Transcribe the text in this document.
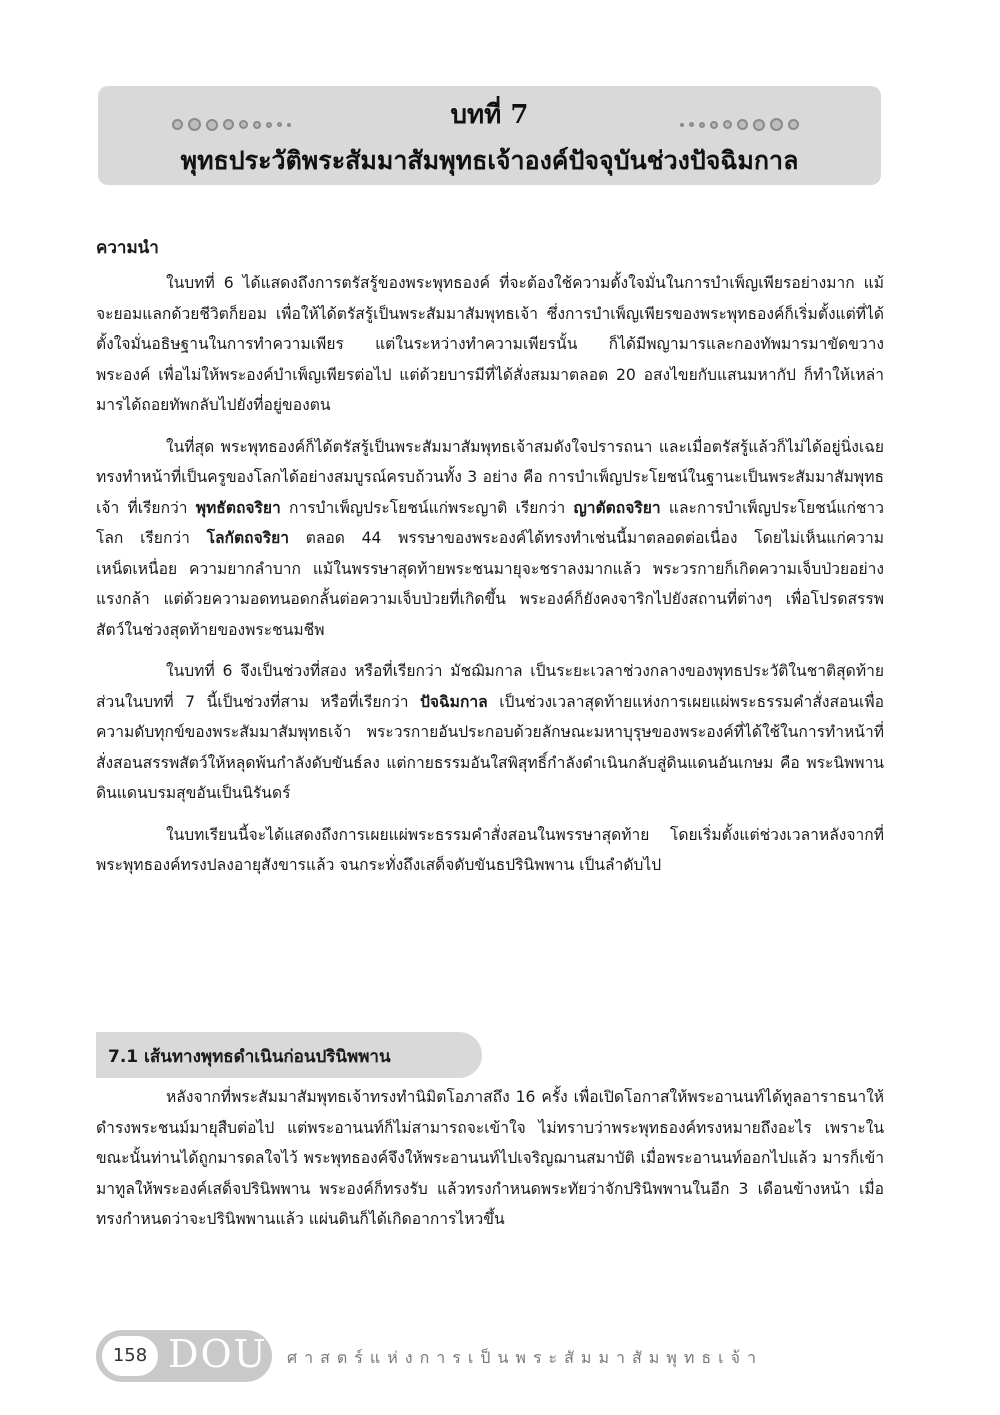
บทที่ 7
พุทธประวัติพระสัมมาสัมพุทธเจ้าองค์ปัจจุบันช่วงปัจฉิมกาล
ความนำ

ในบทที่ 6 ได้แสดงถึงการตรัสรู้ของพระพุทธองค์ ที่จะต้องใช้ความตั้งใจมั่นในการบำเพ็ญเพียรอย่างมาก แม้จะยอมแลกด้วยชีวิตก็ยอม เพื่อให้ได้ตรัสรู้เป็นพระสัมมาสัมพุทธเจ้า ซึ่งการบำเพ็ญเพียรของพระพุทธองค์ก็เริ่มตั้งแต่ที่ได้ตั้งใจมั่นอธิษฐานในการทำความเพียร แต่ในระหว่างทำความเพียรนั้น ก็ได้มีพญามารและกองทัพมารมาขัดขวางพระองค์ เพื่อไม่ให้พระองค์บำเพ็ญเพียรต่อไป แต่ด้วยบารมีที่ได้สั่งสมมาตลอด 20 อสงไขยกับแสนมหากัป ก็ทำให้เหล่ามารได้ถอยทัพกลับไปยังที่อยู่ของตน

ในที่สุด พระพุทธองค์ก็ได้ตรัสรู้เป็นพระสัมมาสัมพุทธเจ้าสมดังใจปรารถนา และเมื่อตรัสรู้แล้วก็ไม่ได้อยู่นิ่งเฉย ทรงทำหน้าที่เป็นครูของโลกได้อย่างสมบูรณ์ครบถ้วนทั้ง 3 อย่าง คือ การบำเพ็ญประโยชน์ในฐานะเป็นพระสัมมาสัมพุทธเจ้า ที่เรียกว่า พุทธัตถจริยา การบำเพ็ญประโยชน์แก่พระญาติ เรียกว่า ญาตัตถจริยา และการบำเพ็ญประโยชน์แก่ชาวโลก เรียกว่า โลกัตถจริยา ตลอด 44 พรรษาของพระองค์ได้ทรงทำเช่นนี้มาตลอดต่อเนื่อง โดยไม่เห็นแก่ความเหน็ดเหนื่อย ความยากลำบาก แม้ในพรรษาสุดท้ายพระชนมายุจะชราลงมากแล้ว พระวรกายก็เกิดความเจ็บป่วยอย่างแรงกล้า แต่ด้วยความอดทนอดกลั้นต่อความเจ็บป่วยที่เกิดขึ้น พระองค์ก็ยังคงจาริกไปยังสถานที่ต่างๆ เพื่อโปรดสรรพสัตว์ในช่วงสุดท้ายของพระชนมชีพ

ในบทที่ 6 จึงเป็นช่วงที่สอง หรือที่เรียกว่า มัชฌิมกาล เป็นระยะเวลาช่วงกลางของพุทธประวัติในชาติสุดท้าย ส่วนในบทที่ 7 นี้เป็นช่วงที่สาม หรือที่เรียกว่า ปัจฉิมกาล เป็นช่วงเวลาสุดท้ายแห่งการเผยแผ่พระธรรมคำสั่งสอนเพื่อความดับทุกข์ของพระสัมมาสัมพุทธเจ้า พระวรกายอันประกอบด้วยลักษณะมหาบุรุษของพระองค์ที่ได้ใช้ในการทำหน้าที่สั่งสอนสรรพสัตว์ให้หลุดพ้นกำลังดับขันธ์ลง แต่กายธรรมอันใสพิสุทธิ์กำลังดำเนินกลับสู่ดินแดนอันเกษม คือ พระนิพพาน ดินแดนบรมสุขอันเป็นนิรันดร์

ในบทเรียนนี้จะได้แสดงถึงการเผยแผ่พระธรรมคำสั่งสอนในพรรษาสุดท้าย โดยเริ่มตั้งแต่ช่วงเวลาหลังจากที่พระพุทธองค์ทรงปลงอายุสังขารแล้ว จนกระทั่งถึงเสด็จดับขันธปรินิพพาน เป็นลำดับไป

7.1 เส้นทางพุทธดำเนินก่อนปรินิพพาน

หลังจากที่พระสัมมาสัมพุทธเจ้าทรงทำนิมิตโอภาสถึง 16 ครั้ง เพื่อเปิดโอกาสให้พระอานนท์ได้ทูลอาราธนาให้ดำรงพระชนม์มายุสืบต่อไป แต่พระอานนท์ก็ไม่สามารถจะเข้าใจ ไม่ทราบว่าพระพุทธองค์ทรงหมายถึงอะไร เพราะในขณะนั้นท่านได้ถูกมารดลใจไว้ พระพุทธองค์จึงให้พระอานนท์ไปเจริญฌานสมาบัติ เมื่อพระอานนท์ออกไปแล้ว มารก็เข้ามาทูลให้พระองค์เสด็จปรินิพพาน พระองค์ก็ทรงรับ แล้วทรงกำหนดพระทัยว่าจักปรินิพพานในอีก 3 เดือนข้างหน้า เมื่อทรงกำหนดว่าจะปรินิพพานแล้ว แผ่นดินก็ได้เกิดอาการไหวขึ้น

158 DOU ศาสตร์แห่งการเป็นพระสัมมาสัมพุทธเจ้า
